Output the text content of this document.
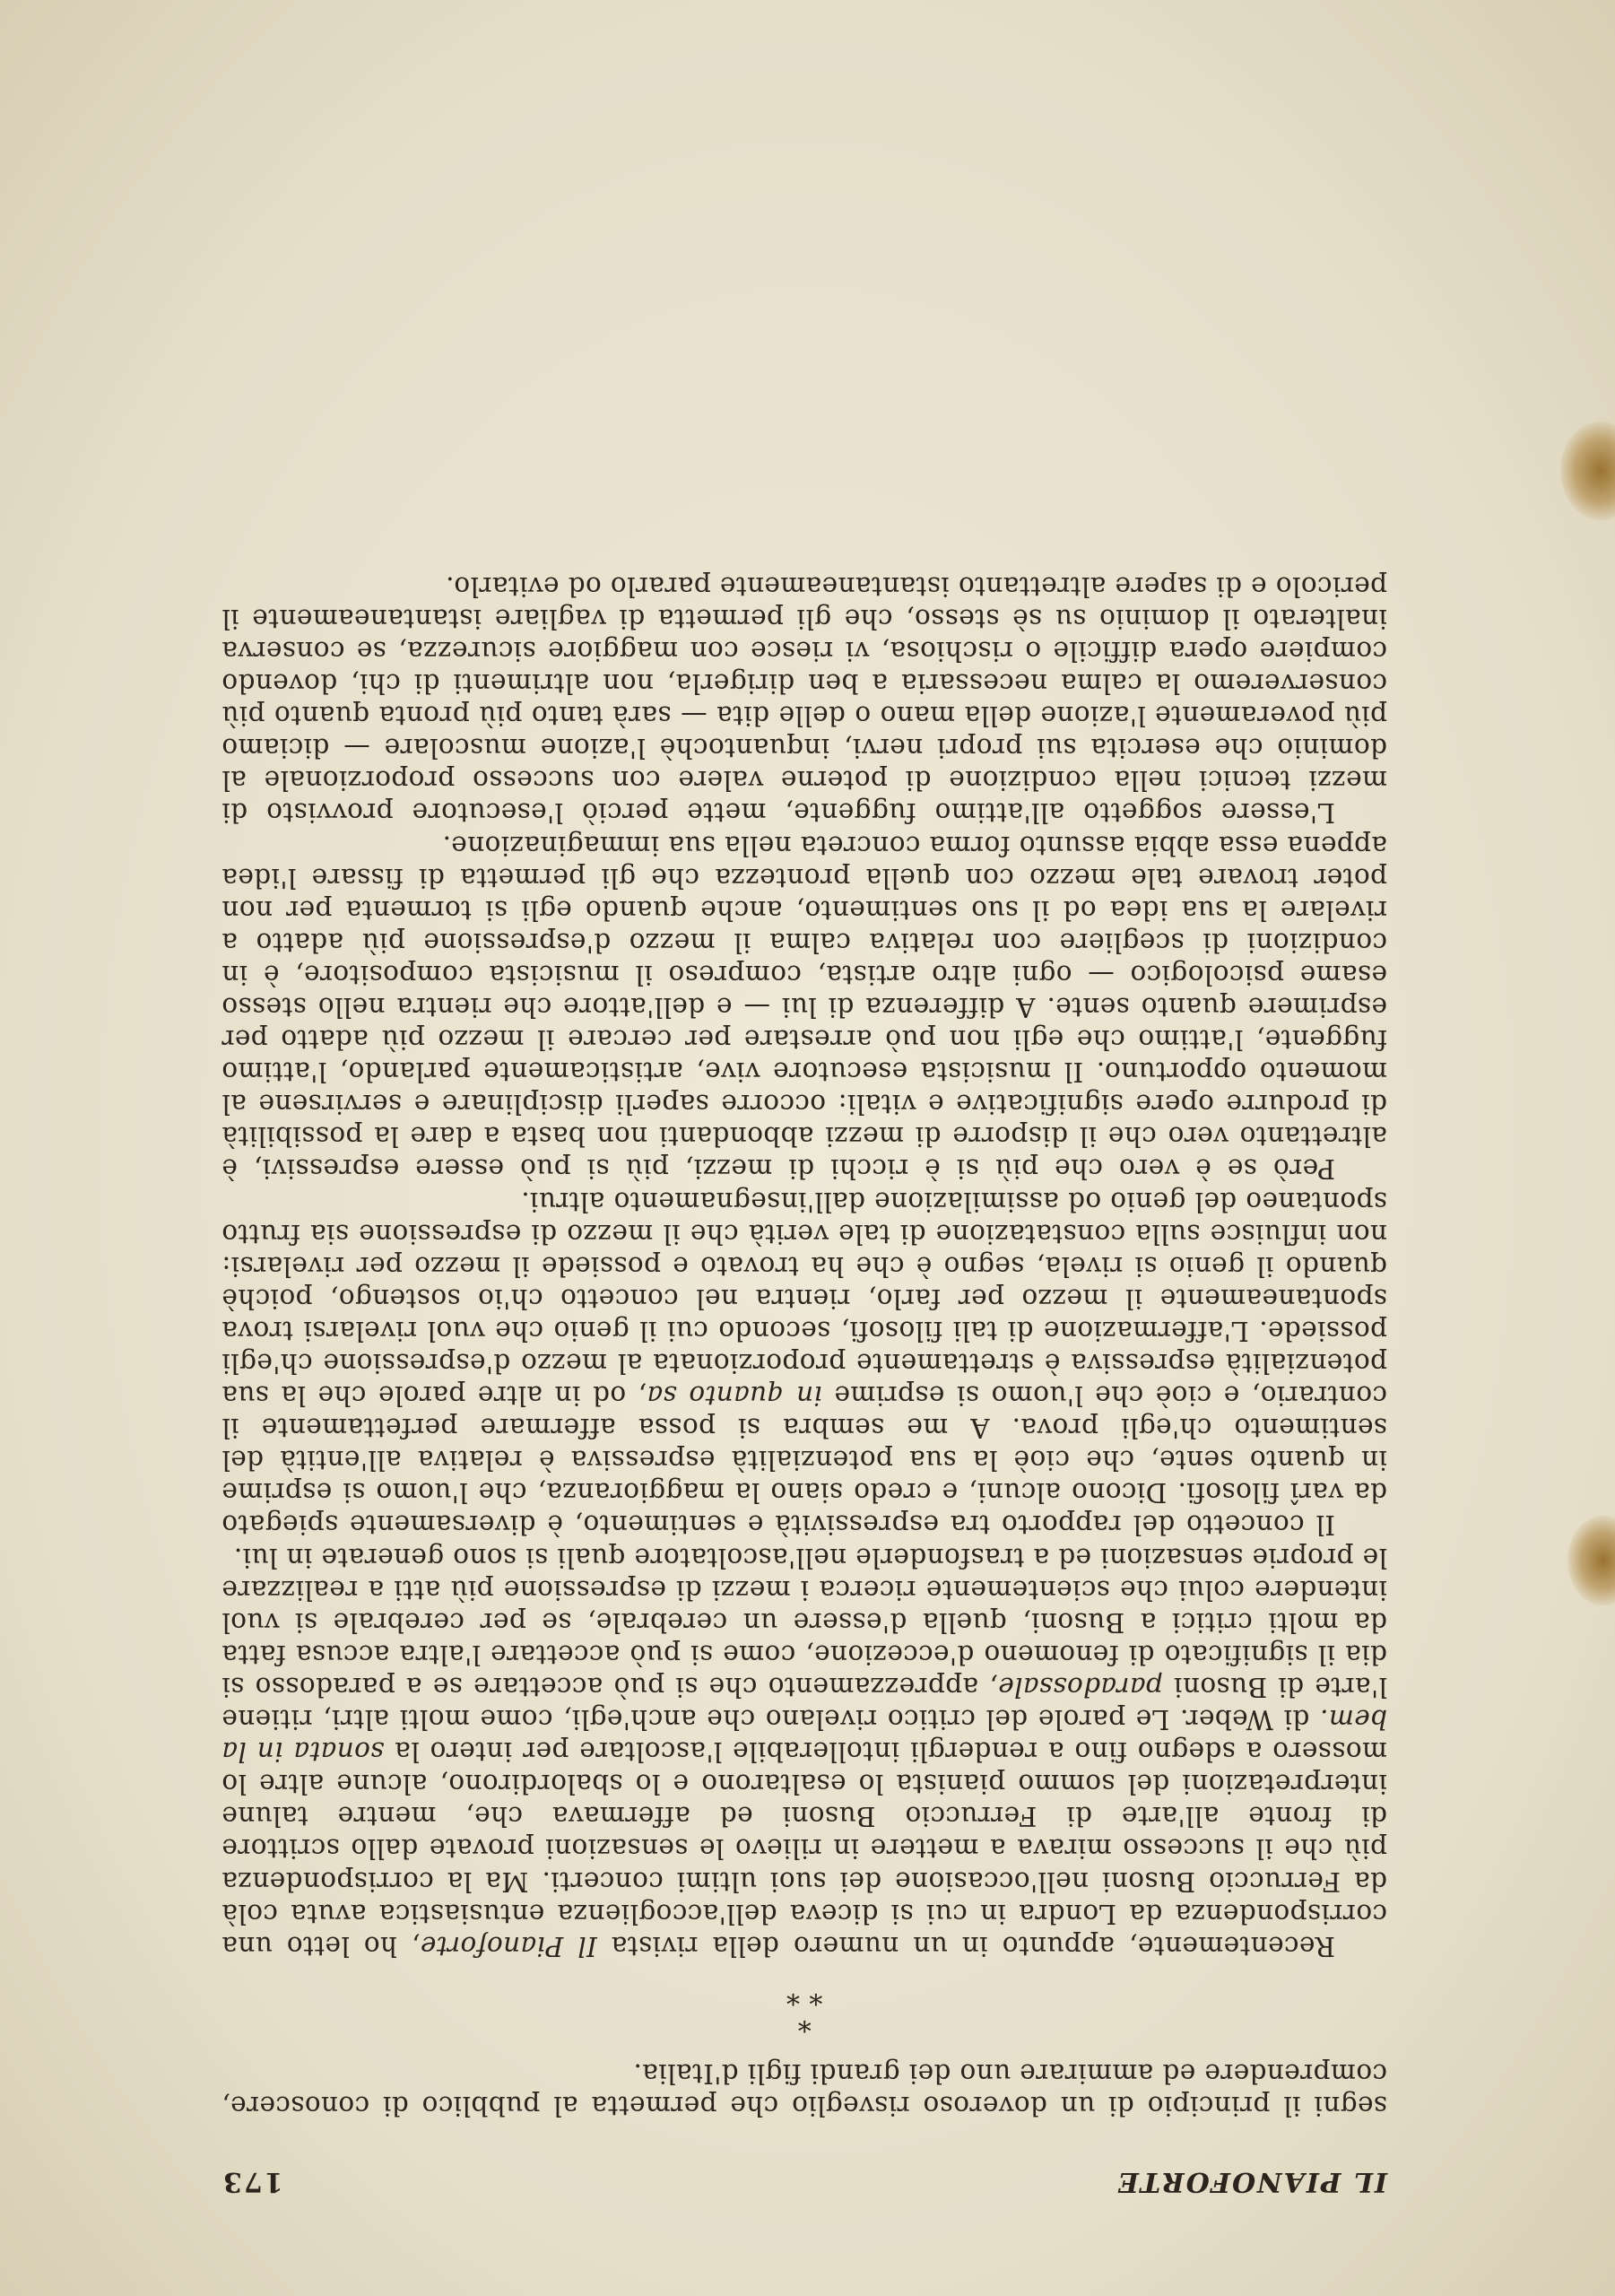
IL PIANOFORTE
173

segni il principio di un doveroso risveglio che permetta al pubblico di conoscere, comprendere ed ammirare uno dei grandi figli d'Italia.

*
* *

Recentemente, appunto in un numero della rivista Il Pianoforte, ho letto una corrispondenza da Londra in cui si diceva dell'accoglienza entusiastica avuta colà da Ferruccio Busoni nell'occasione dei suoi ultimi concerti. Ma la corrispondenza più che il successo mirava a mettere in rilievo le sensazioni provate dallo scrittore di fronte all'arte di Ferruccio Busoni ed affermava che, mentre talune interpretazioni del sommo pianista lo esaltarono e lo sbalordirono, alcune altre lo mossero a sdegno fino a rendergli intollerabile l'ascoltare per intero la sonata in la bem. di Weber. Le parole del critico rivelano che anch'egli, come molti altri, ritiene l'arte di Busoni paradossale, apprezzamento che si può accettare se a paradosso si dia il significato di fenomeno d'eccezione, come si può accettare l'altra accusa fatta da molti critici a Busoni, quella d'essere un cerebrale, se per cerebrale si vuol intendere colui che scientemente ricerca i mezzi di espressione più atti a realizzare le proprie sensazioni ed a trasfonderle nell'ascoltatore quali si sono generate in lui.

Il concetto del rapporto tra espressività e sentimento, è diversamente spiegato da varî filosofi. Dicono alcuni, e credo siano la maggioranza, che l'uomo si esprime in quanto sente, che cioè la sua potenzialità espressiva è relativa all'entità del sentimento ch'egli prova. A me sembra si possa affermare perfettamente il contrario, e cioè che l'uomo si esprime in quanto sa, od in altre parole che la sua potenzialità espressiva è strettamente proporzionata al mezzo d'espressione ch'egli possiede. L'affermazione di tali filosofi, secondo cui il genio che vuol rivelarsi trova spontaneamente il mezzo per farlo, rientra nel concetto ch'io sostengo, poichè quando il genio si rivela, segno è che ha trovato e possiede il mezzo per rivelarsi: non influisce sulla constatazione di tale verità che il mezzo di espressione sia frutto spontaneo del genio od assimilazione dall'insegnamento altrui.

Però se è vero che più si è ricchi di mezzi, più si può essere espressivi, è altrettanto vero che il disporre di mezzi abbondanti non basta a dare la possibilità di produrre opere significative e vitali: occorre saperli disciplinare e servirsene al momento opportuno. Il musicista esecutore vive, artisticamente parlando, l'attimo fuggente, l'attimo che egli non può arrestare per cercare il mezzo più adatto per esprimere quanto sente. A differenza di lui — e dell'attore che rientra nello stesso esame psicologico — ogni altro artista, compreso il musicista compositore, è in condizioni di scegliere con relativa calma il mezzo d'espressione più adatto a rivelare la sua idea od il suo sentimento, anche quando egli si tormenta per non poter trovare tale mezzo con quella prontezza che gli permetta di fissare l'idea appena essa abbia assunto forma concreta nella sua immaginazione.

L'essere soggetto all'attimo fuggente, mette perciò l'esecutore provvisto di mezzi tecnici nella condizione di poterne valere con successo proporzionale al dominio che esercita sui propri nervi, inquantochè l'azione muscolare — diciamo più poveramente l'azione della mano o delle dita — sarà tanto più pronta quanto più conserveremo la calma necessaria a ben dirigerla, non altrimenti di chi, dovendo compiere opera difficile o rischiosa, vi riesce con maggiore sicurezza, se conserva inalterato il dominio su sè stesso, che gli permetta di vagliare istantaneamente il pericolo e di sapere altrettanto istantaneamente pararlo od evitarlo.
